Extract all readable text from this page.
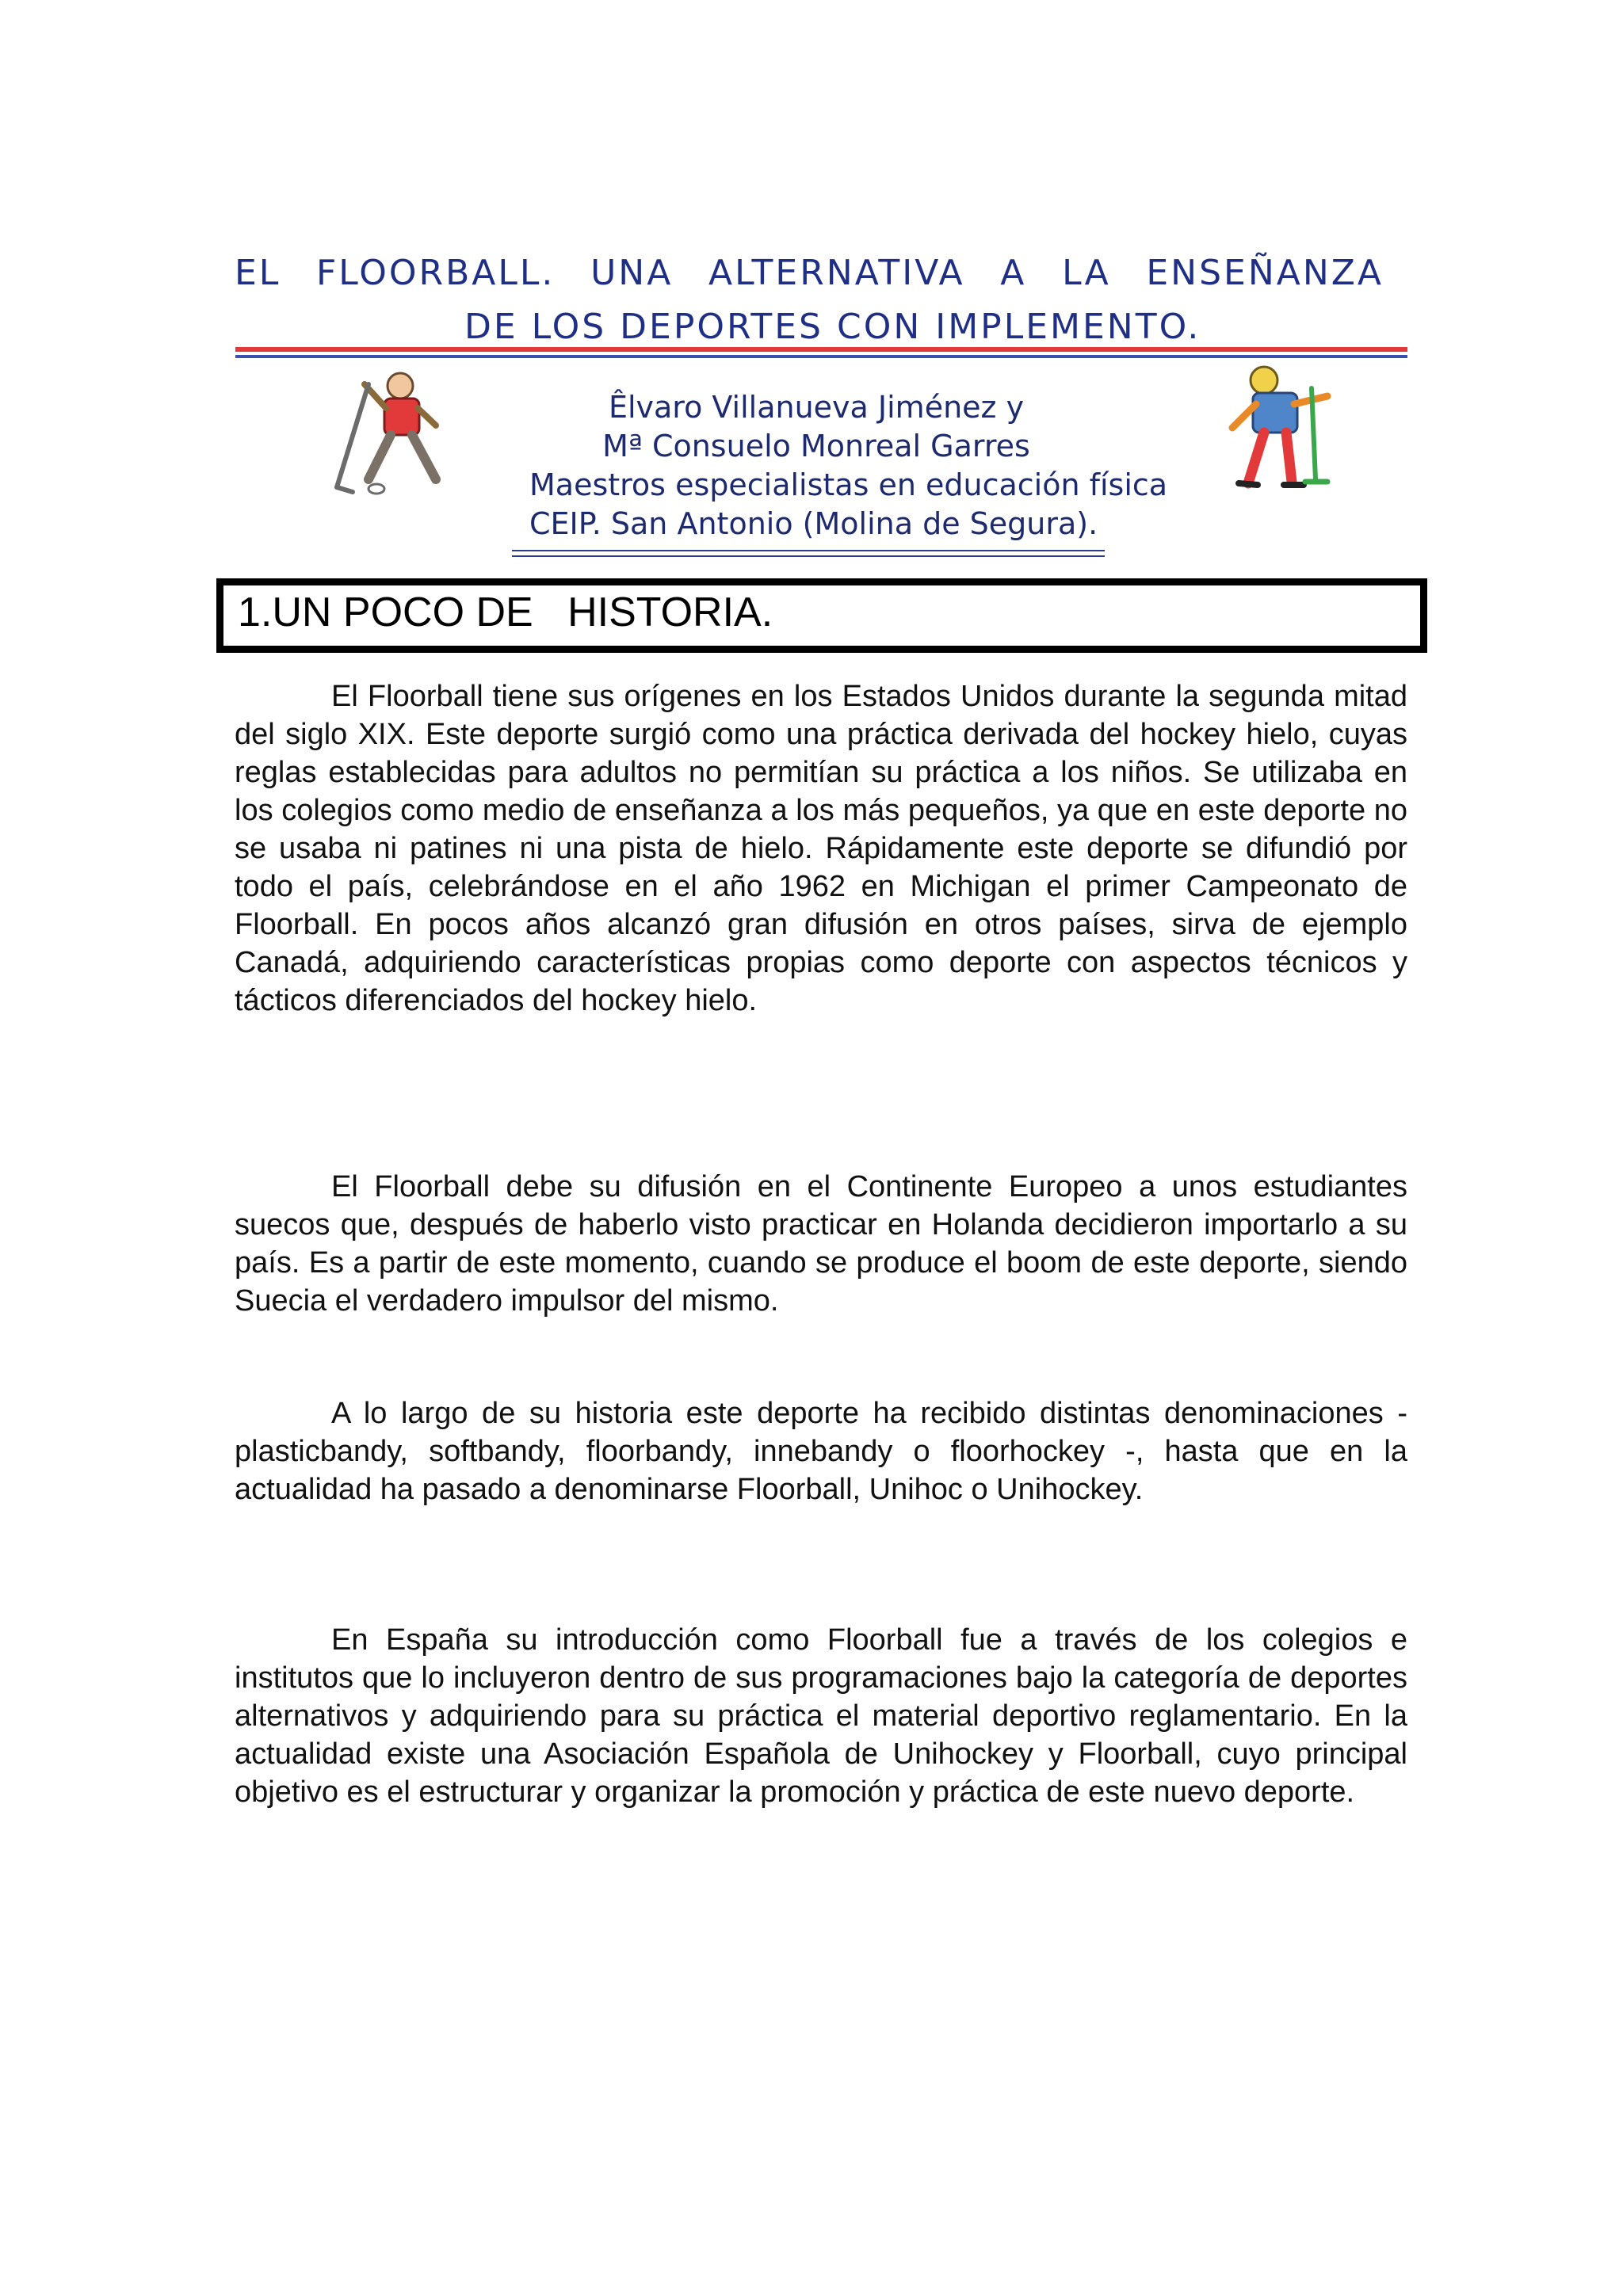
EL FLOORBALL. UNA ALTERNATIVA A LA ENSEÑANZA
DE LOS DEPORTES CON IMPLEMENTO.
Êlvaro Villanueva Jiménez y
Mª Consuelo Monreal Garres
Maestros especialistas en educación física
CEIP. San Antonio (Molina de Segura).
1.UN POCO DE   HISTORIA.

El Floorball tiene sus orígenes en los Estados Unidos durante la segunda mitad del siglo XIX. Este deporte surgió como una práctica derivada del hockey hielo, cuyas reglas establecidas para adultos no permitían su práctica a los niños. Se utilizaba en los colegios como medio de enseñanza a los más pequeños, ya que en este deporte no se usaba ni patines ni una pista de hielo. Rápidamente este deporte se difundió por todo el país, celebrándose en el año 1962 en Michigan el primer Campeonato de Floorball. En pocos años alcanzó gran difusión en otros países, sirva de ejemplo Canadá, adquiriendo características propias como deporte con aspectos técnicos y tácticos diferenciados del hockey hielo.

El Floorball debe su difusión en el Continente Europeo a unos estudiantes suecos que, después de haberlo visto practicar en Holanda decidieron importarlo a su país. Es a partir de este momento, cuando se produce el boom de este deporte, siendo Suecia el verdadero impulsor del mismo.

A lo largo de su historia este deporte ha recibido distintas denominaciones - plasticbandy, softbandy, floorbandy, innebandy o floorhockey -, hasta que en la actualidad ha pasado a denominarse Floorball, Unihoc o Unihockey.

En España su introducción como Floorball fue a través de los colegios e institutos que lo incluyeron dentro de sus programaciones bajo la categoría de deportes alternativos y adquiriendo para su práctica el material deportivo reglamentario. En la actualidad existe una Asociación Española de Unihockey y Floorball, cuyo principal objetivo es el estructurar y organizar la promoción y práctica de este nuevo deporte.
